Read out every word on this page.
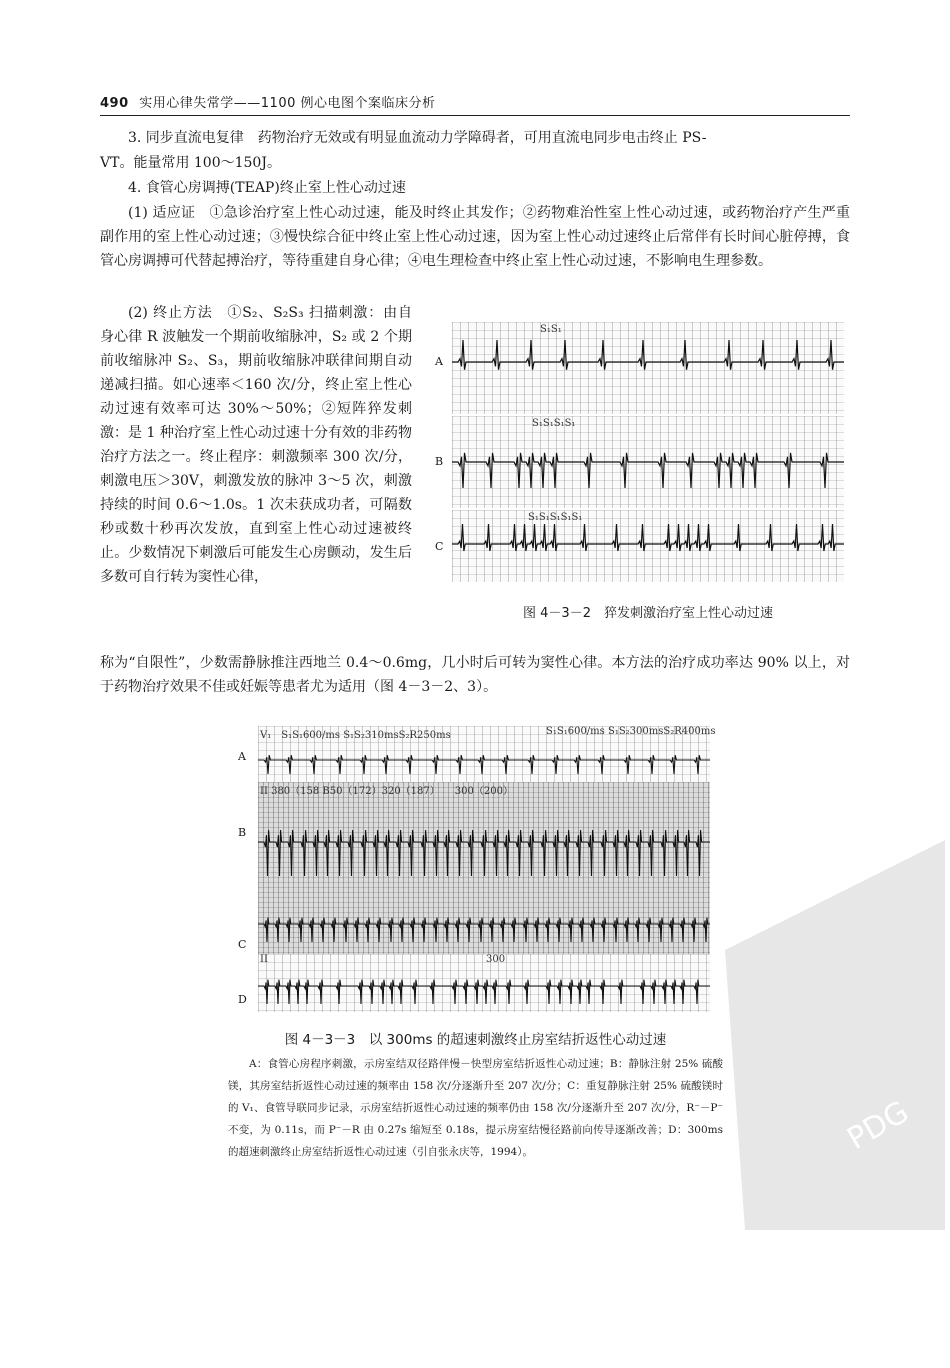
490 实用心律失常学——1100 例心电图个案临床分析
3. 同步直流电复律　药物治疗无效或有明显血流动力学障碍者，可用直流电同步电击终止 PS-
VT。能量常用 100～150J。
4. 食管心房调搏(TEAP)终止室上性心动过速
(1) 适应证　①急诊治疗室上性心动过速，能及时终止其发作；②药物难治性室上性心动过速，或药物治疗产生严重副作用的室上性心动过速；③慢快综合征中终止室上性心动过速，因为室上性心动过速终止后常伴有长时间心脏停搏，食管心房调搏可代替起搏治疗，等待重建自身心律；④电生理检查中终止室上性心动过速，不影响电生理参数。
(2) 终止方法　①S₂、S₂S₃ 扫描刺激：由自身心律 R 波触发一个期前收缩脉冲，S₂ 或 2 个期前收缩脉冲 S₂、S₃，期前收缩脉冲联律间期自动递减扫描。如心速率＜160 次/分，终止室上性心动过速有效率可达 30%～50%；②短阵猝发刺激：是 1 种治疗室上性心动过速十分有效的非药物治疗方法之一。终止程序：刺激频率 300 次/分，刺激电压＞30V，刺激发放的脉冲 3～5 次，刺激持续的时间 0.6～1.0s。1 次未获成功者，可隔数秒或数十秒再次发放，直到室上性心动过速被终止。少数情况下刺激后可能发生心房颤动，发生后多数可自行转为窦性心律，
称为“自限性”，少数需静脉推注西地兰 0.4～0.6mg，几小时后可转为窦性心律。本方法的治疗成功率达 90% 以上，对于药物治疗效果不佳或妊娠等患者尤为适用（图 4－3－2、3）。
A
B
C
S₁S₁
S₁S₁S₁S₁
S₁S₁S₁S₁S₁
图 4－3－2　猝发刺激治疗室上性心动过速
A
B
C
D
V₁　S₁S₁600/ms S₁S₂310msS₂R250ms	S₁S₁600/ms S₁S₂300msS₂R400ms
II 380（158 B50（172）320（187）　　300（200）
II	300
图 4－3－3　以 300ms 的超速刺激终止房室结折返性心动过速
A：食管心房程序刺激，示房室结双径路伴慢－快型房室结折返性心动过速；B：静脉注射 25% 硫酸镁，其房室结折返性心动过速的频率由 158 次/分逐渐升至 207 次/分；C：重复静脉注射 25% 硫酸镁时的 V₁、食管导联同步记录，示房室结折返性心动过速的频率仍由 158 次/分逐渐升至 207 次/分，R⁻－P⁻不变，为 0.11s，而 P⁻－R 由 0.27s 缩短至 0.18s，提示房室结慢径路前向传导逐渐改善；D：300ms 的超速刺激终止房室结折返性心动过速（引自张永庆等，1994）。	PDG
